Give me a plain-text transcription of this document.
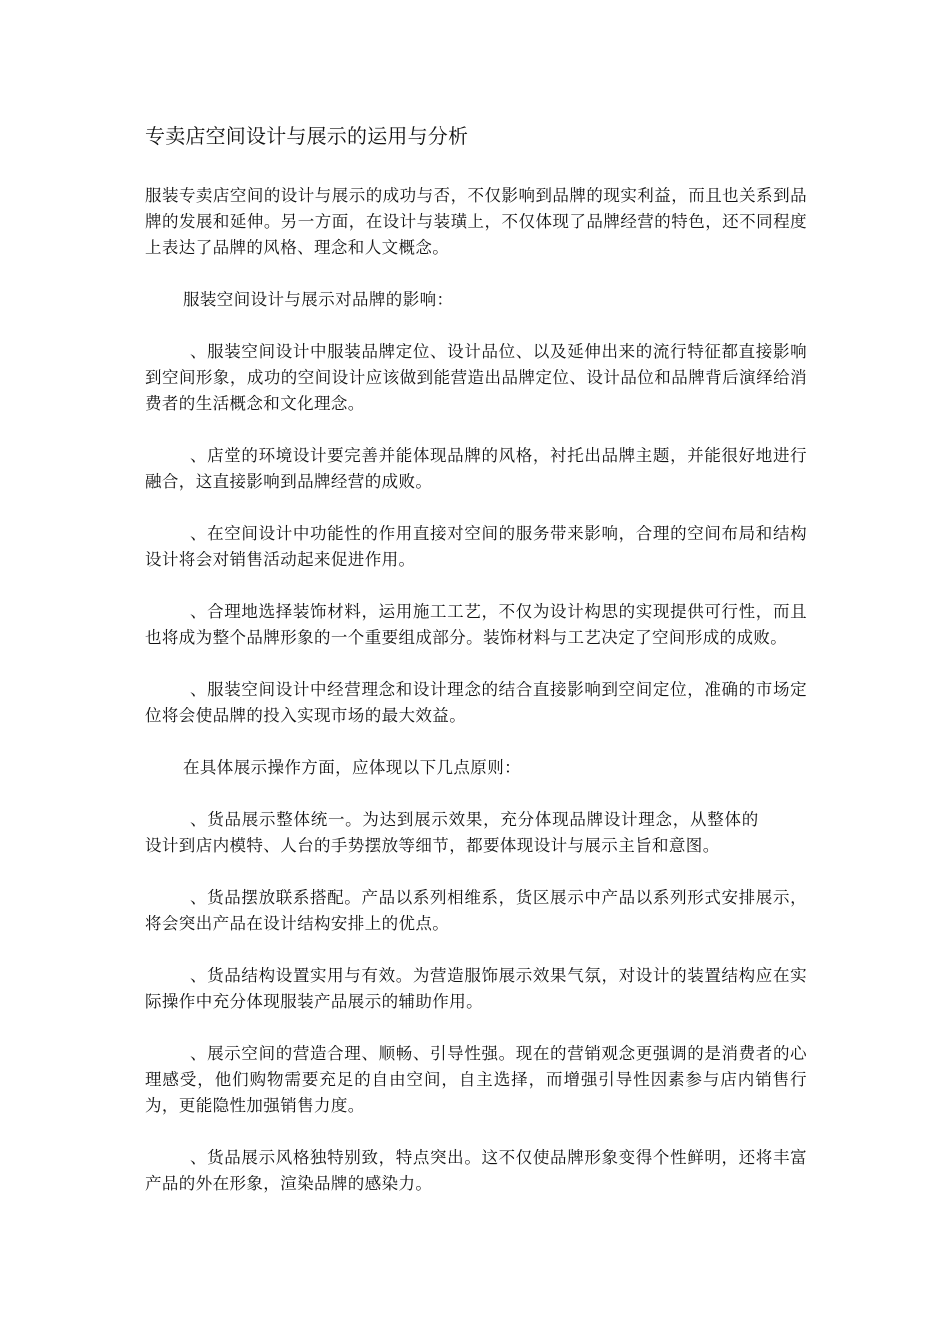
专卖店空间设计与展示的运用与分析

服装专卖店空间的设计与展示的成功与否，不仅影响到品牌的现实利益，而且也关系到品牌的发展和延伸。另一方面，在设计与装璜上，不仅体现了品牌经营的特色，还不同程度上表达了品牌的风格、理念和人文概念。

服装空间设计与展示对品牌的影响：

、服装空间设计中服装品牌定位、设计品位、以及延伸出来的流行特征都直接影响到空间形象，成功的空间设计应该做到能营造出品牌定位、设计品位和品牌背后演绎给消费者的生活概念和文化理念。

、店堂的环境设计要完善并能体现品牌的风格，衬托出品牌主题，并能很好地进行融合，这直接影响到品牌经营的成败。

、在空间设计中功能性的作用直接对空间的服务带来影响，合理的空间布局和结构设计将会对销售活动起来促进作用。

、合理地选择装饰材料，运用施工工艺，不仅为设计构思的实现提供可行性，而且也将成为整个品牌形象的一个重要组成部分。装饰材料与工艺决定了空间形成的成败。

、服装空间设计中经营理念和设计理念的结合直接影响到空间定位，准确的市场定位将会使品牌的投入实现市场的最大效益。

在具体展示操作方面，应体现以下几点原则：

、货品展示整体统一。为达到展示效果，充分体现品牌设计理念，从整体的设计到店内模特、人台的手势摆放等细节，都要体现设计与展示主旨和意图。

、货品摆放联系搭配。产品以系列相维系，货区展示中产品以系列形式安排展示，将会突出产品在设计结构安排上的优点。

、货品结构设置实用与有效。为营造服饰展示效果气氛，对设计的装置结构应在实际操作中充分体现服装产品展示的辅助作用。

、展示空间的营造合理、顺畅、引导性强。现在的营销观念更强调的是消费者的心理感受，他们购物需要充足的自由空间，自主选择，而增强引导性因素参与店内销售行为，更能隐性加强销售力度。

、货品展示风格独特别致，特点突出。这不仅使品牌形象变得个性鲜明，还将丰富产品的外在形象，渲染品牌的感染力。
